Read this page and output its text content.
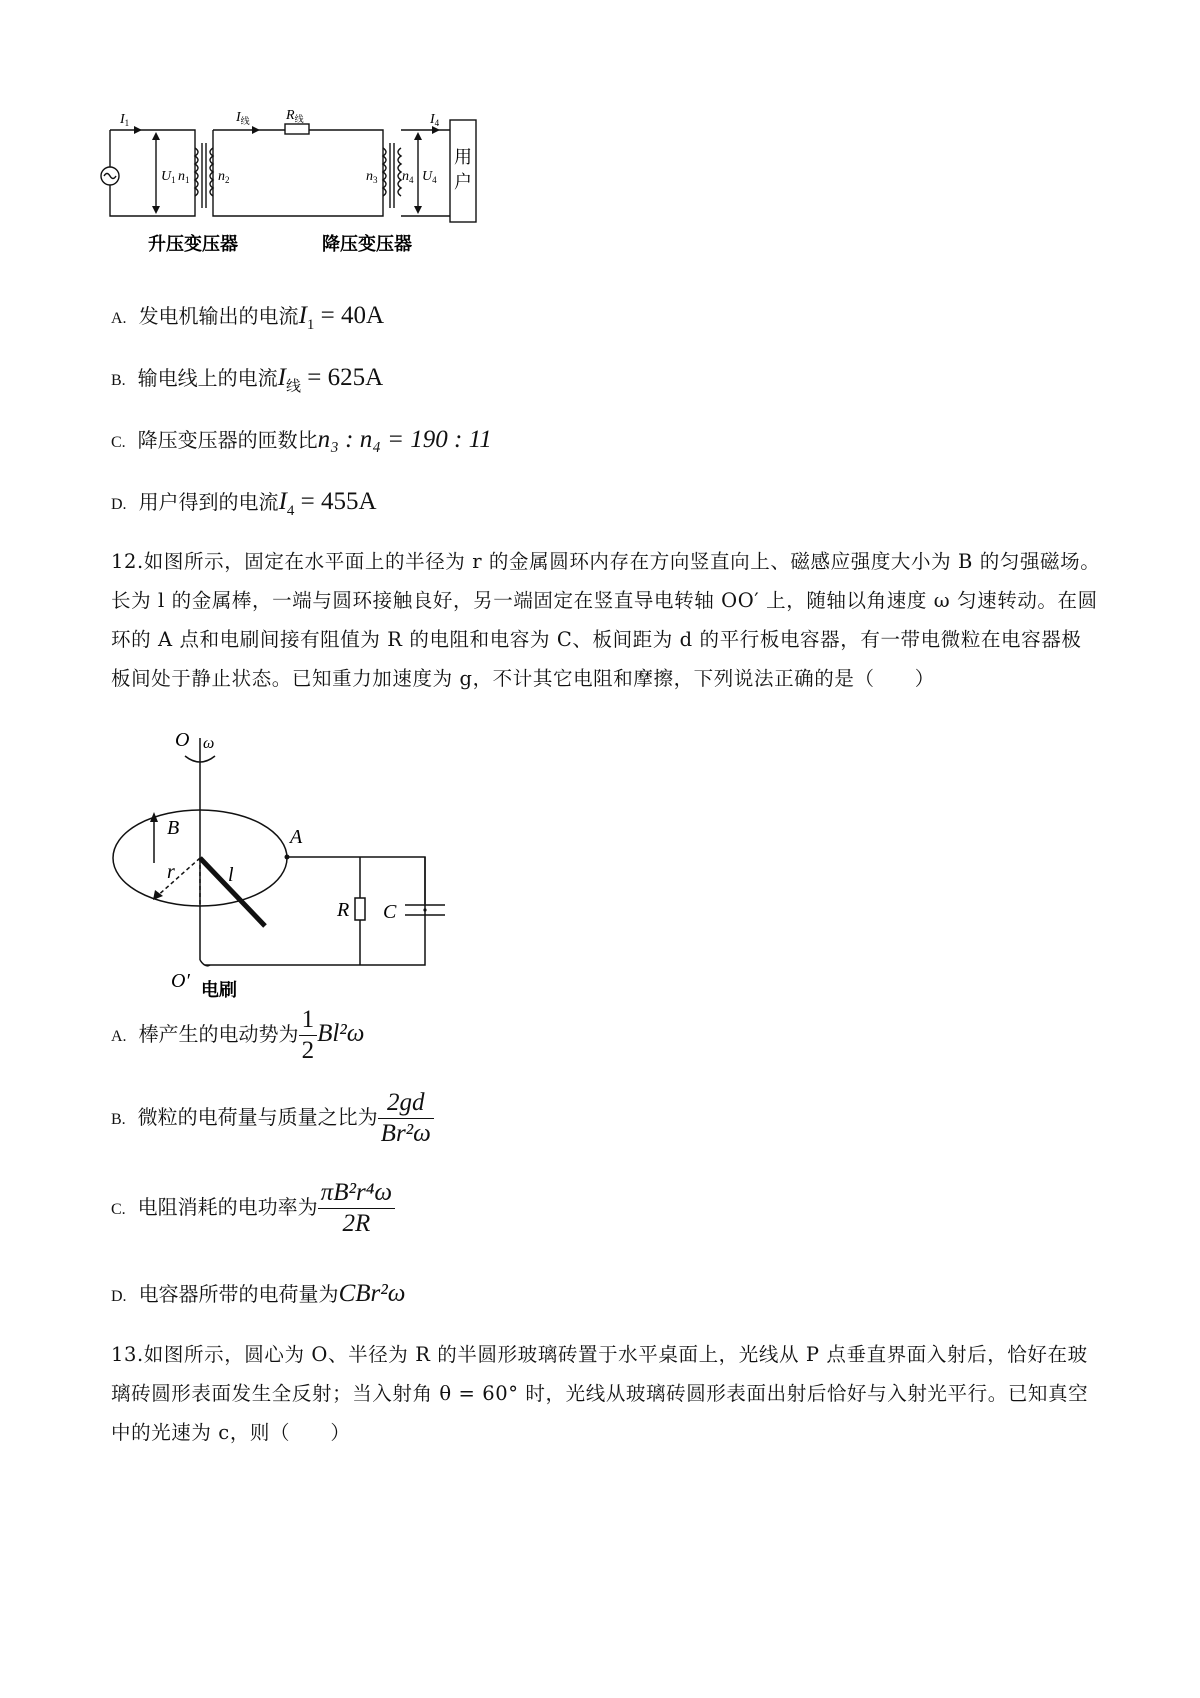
$I_1$	$I_线$	$R_线$	$I_4$
$U_1$ $n_1$ $n_2$	$n_3$ $n_4$ $U_4$
用
户
升压变压器	降压变压器
A. 发电机输出的电流$I_1 = 40A$
B. 输电线上的电流$I_线 = 625A$
C. 降压变压器的匝数比n₃ : n₄ = 190 : 11
D. 用户得到的电流$I_4 = 455A$
12.如图所示，固定在水平面上的半径为 r 的金属圆环内存在方向竖直向上、磁感应强度大小为 B 的匀强磁场。长为 l 的金属棒，一端与圆环接触良好，另一端固定在竖直导电转轴 OO′ 上，随轴以角速度 ω 匀速转动。在圆环的 A 点和电刷间接有阻值为 R 的电阻和电容为 C、板间距为 d 的平行板电容器，有一带电微粒在电容器极板间处于静止状态。已知重力加速度为 g，不计其它电阻和摩擦，下列说法正确的是（　　）
O ω
B	A
r	l
R C
O′ 电刷
A. 棒产生的电动势为 $\frac{1}{2} Bl^2\omega$
B. 微粒的电荷量与质量之比为 $\frac{2gd}{\text{Br²ω}}$
C. 电阻消耗的电功率为 $\frac{\text{πB²r⁴ω}}{2R}$
D. 电容器所带的电荷量为CBr²ω
13.如图所示，圆心为 O、半径为 R 的半圆形玻璃砖置于水平桌面上，光线从 P 点垂直界面入射后，恰好在玻璃砖圆形表面发生全反射；当入射角 θ = 60° 时，光线从玻璃砖圆形表面出射后恰好与入射光平行。已知真空中的光速为 c，则（　　）
